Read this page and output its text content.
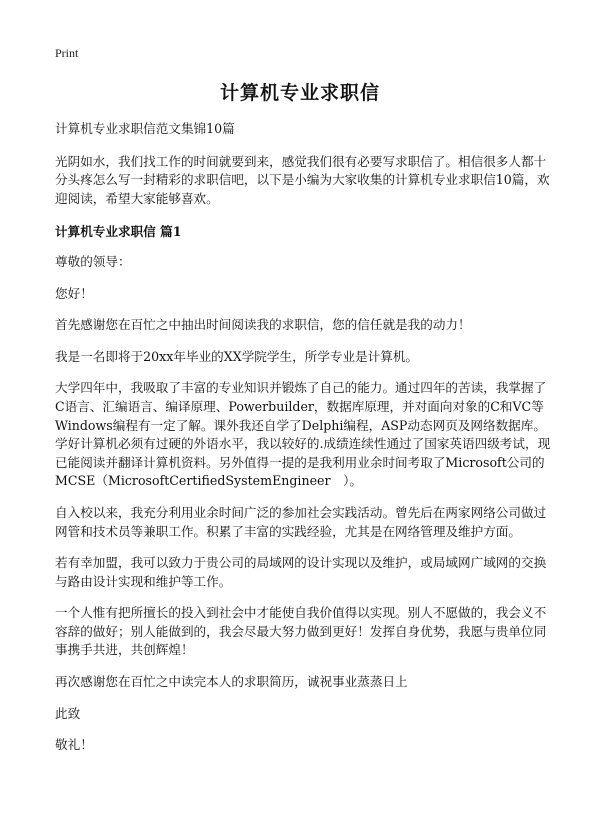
Print
计算机专业求职信

计算机专业求职信范文集锦10篇

光阴如水，我们找工作的时间就要到来，感觉我们很有必要写求职信了。相信很多人都十分头疼怎么写一封精彩的求职信吧，以下是小编为大家收集的计算机专业求职信10篇，欢迎阅读，希望大家能够喜欢。

计算机专业求职信 篇1

尊敬的领导：

您好！

首先感谢您在百忙之中抽出时间阅读我的求职信，您的信任就是我的动力！

我是一名即将于20xx年毕业的XX学院学生，所学专业是计算机。

大学四年中，我吸取了丰富的专业知识并锻炼了自己的能力。通过四年的苦读，我掌握了C语言、汇编语言、编译原理、Powerbuilder，数据库原理，并对面向对象的C和VC等Windows编程有一定了解。课外我还自学了Delphi编程，ASP动态网页及网络数据库。学好计算机必须有过硬的外语水平，我以较好的.成绩连续性通过了国家英语四级考试，现已能阅读并翻译计算机资料。另外值得一提的是我利用业余时间考取了Microsoft公司的MCSE（MicrosoftCertifiedSystemEngineer　）。

自入校以来，我充分利用业余时间广泛的参加社会实践活动。曾先后在两家网络公司做过网管和技术员等兼职工作。积累了丰富的实践经验，尤其是在网络管理及维护方面。

若有幸加盟，我可以致力于贵公司的局域网的设计实现以及维护，或局域网广域网的交换与路由设计实现和维护等工作。

一个人惟有把所擅长的投入到社会中才能使自我价值得以实现。别人不愿做的，我会义不容辞的做好；别人能做到的，我会尽最大努力做到更好！发挥自身优势，我愿与贵单位同事携手共进，共创辉煌！

再次感谢您在百忙之中读完本人的求职简历，诚祝事业蒸蒸日上

此致

敬礼！
